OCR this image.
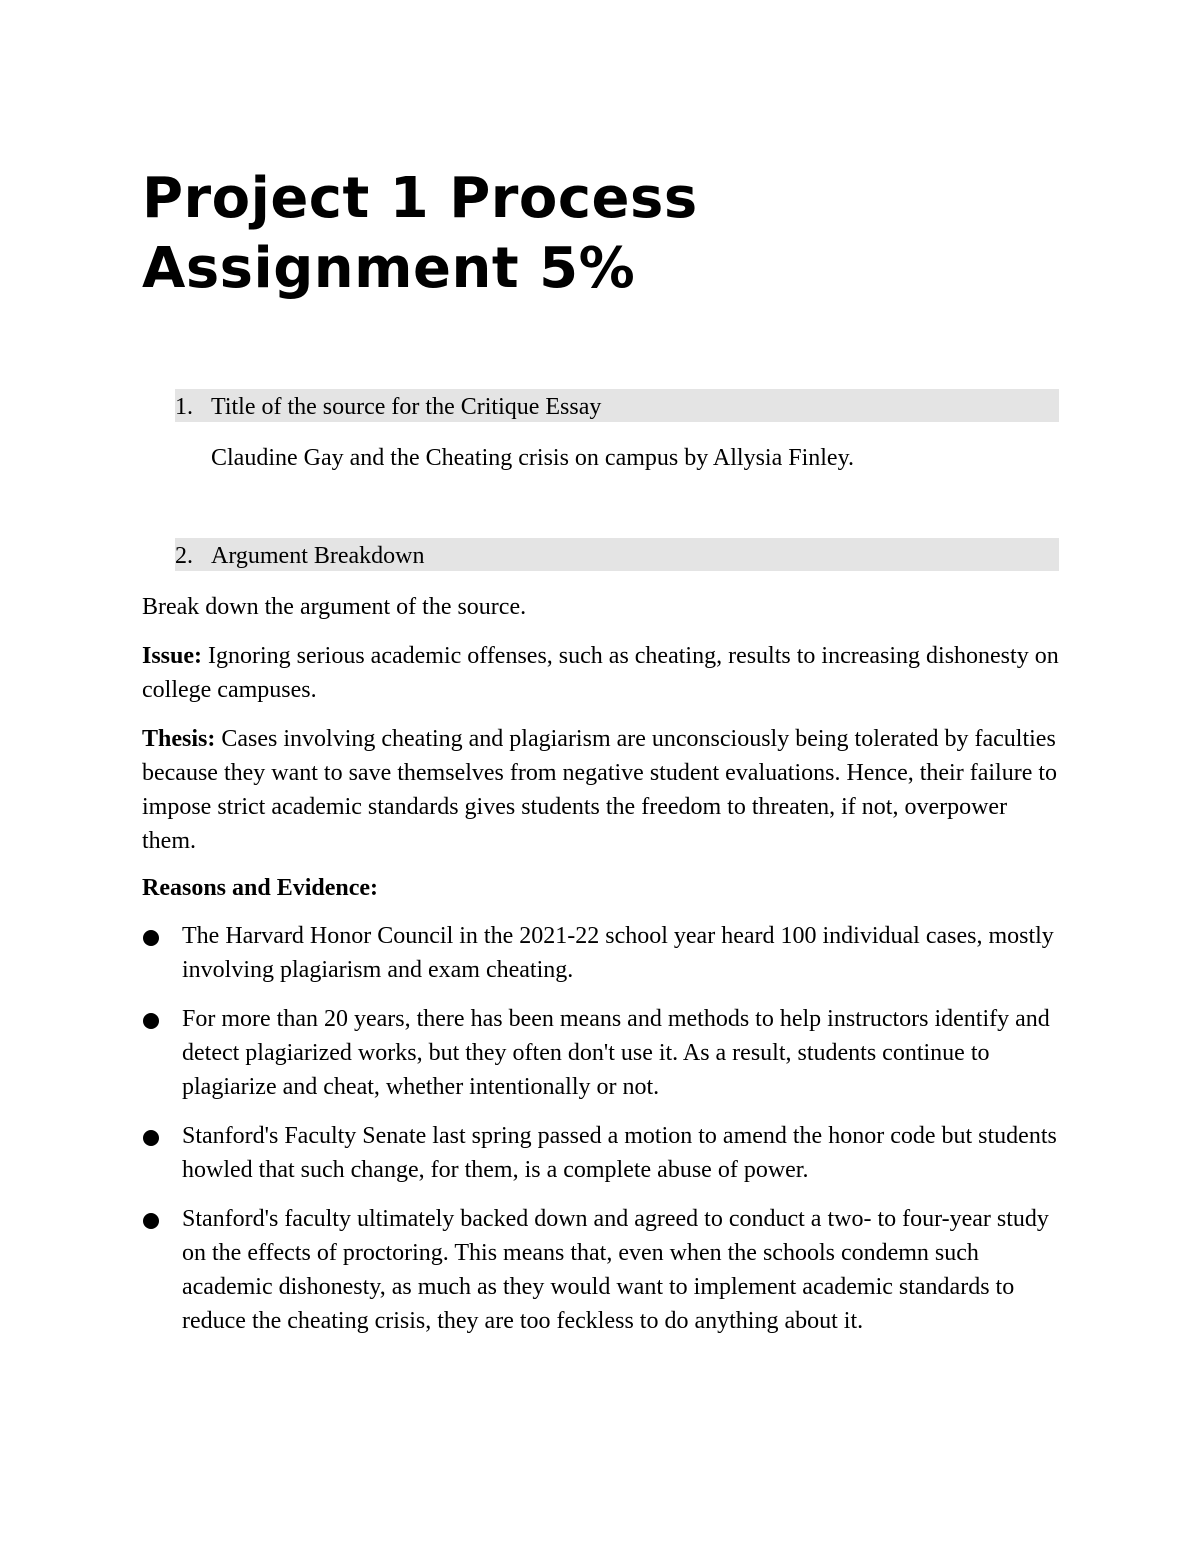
Project 1 Process
Assignment 5%
1. Title of the source for the Critique Essay

Claudine Gay and the Cheating crisis on campus by Allysia Finley.

2. Argument Breakdown

Break down the argument of the source.

Issue: Ignoring serious academic offenses, such as cheating, results to increasing dishonesty on college campuses.

Thesis: Cases involving cheating and plagiarism are unconsciously being tolerated by faculties because they want to save themselves from negative student evaluations. Hence, their failure to impose strict academic standards gives students the freedom to threaten, if not, overpower them.

Reasons and Evidence:

The Harvard Honor Council in the 2021-22 school year heard 100 individual cases, mostly involving plagiarism and exam cheating.
For more than 20 years, there has been means and methods to help instructors identify and detect plagiarized works, but they often don't use it. As a result, students continue to plagiarize and cheat, whether intentionally or not.
Stanford's Faculty Senate last spring passed a motion to amend the honor code but students howled that such change, for them, is a complete abuse of power.
Stanford's faculty ultimately backed down and agreed to conduct a two- to four-year study on the effects of proctoring. This means that, even when the schools condemn such academic dishonesty, as much as they would want to implement academic standards to reduce the cheating crisis, they are too feckless to do anything about it.
